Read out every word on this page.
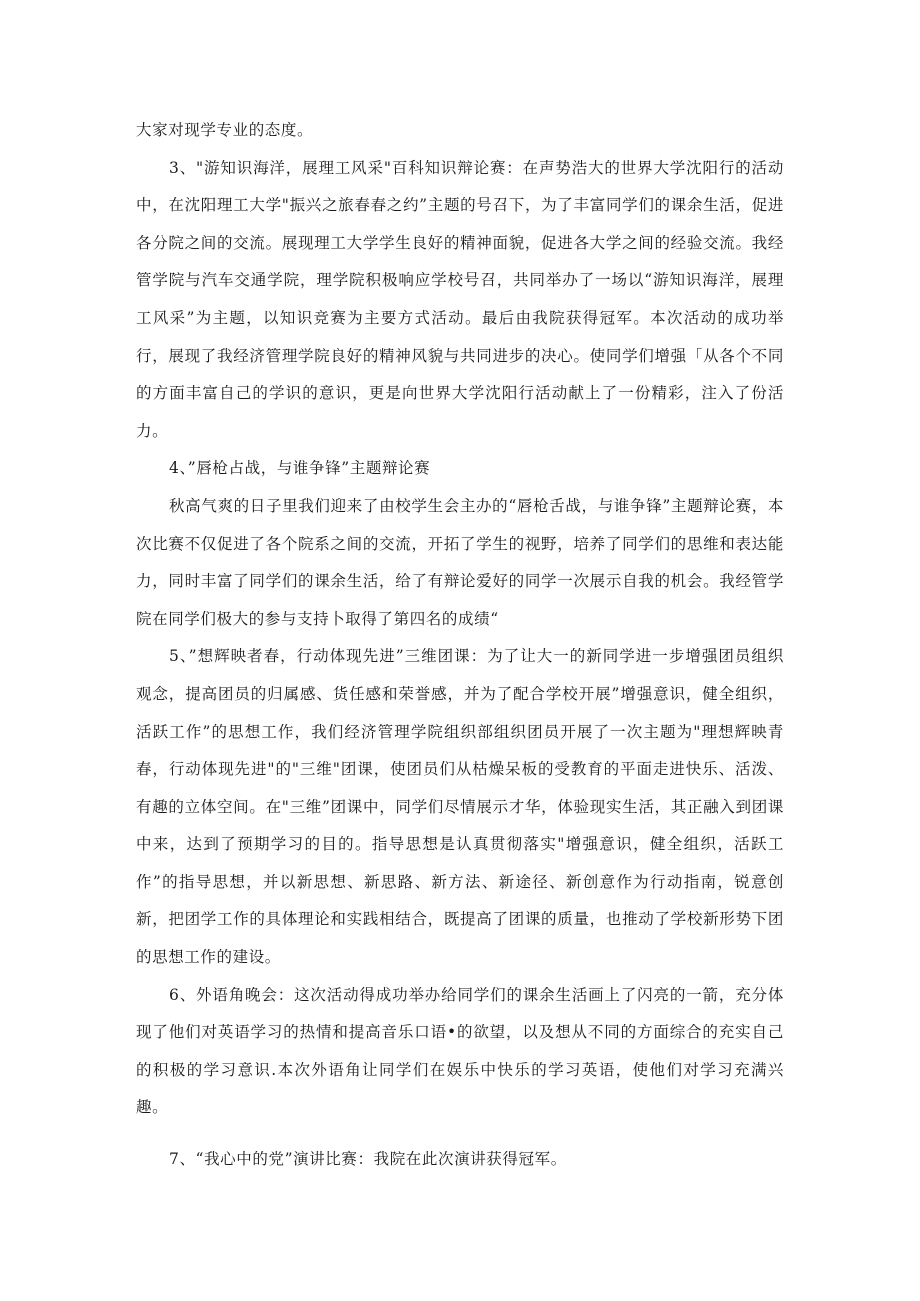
大家对现学专业的态度。

3、"游知识海洋，展理工风采"百科知识辩论赛：在声势浩大的世界大学沈阳行的活动中，在沈阳理工大学"振兴之旅春春之约”主题的号召下，为了丰富同学们的课余生活，促进各分院之间的交流。展现理工大学学生良好的精神面貌，促进各大学之间的经验交流。我经管学院与汽车交通学院，理学院积极响应学校号召，共同举办了一场以“游知识海洋，展理工风采”为主题，以知识竞赛为主要方式活动。最后由我院获得冠军。本次活动的成功举行，展现了我经济管理学院良好的精神风貌与共同进步的决心。使同学们增强「从各个不同的方面丰富自己的学识的意识，更是向世界大学沈阳行活动献上了一份精彩，注入了份活力。

4、”唇枪占战，与谁争锋”主题辩论赛

秋高气爽的日子里我们迎来了由校学生会主办的“唇枪舌战，与谁争锋”主题辩论赛，本次比赛不仅促进了各个院系之间的交流，开拓了学生的视野，培养了同学们的思维和表达能力，同时丰富了同学们的课余生活，给了有辩论爱好的同学一次展示自我的机会。我经管学院在同学们极大的参与支持卜取得了第四名的成绩“

5、”想辉映者春，行动体现先进”三维团课：为了让大一的新同学进一步增强团员组织观念，提高团员的归属感、货任感和荣誉感，并为了配合学校开展”增强意识，健全组织，活跃工作”的思想工作，我们经济管理学院组织部组织团员开展了一次主题为"理想辉映青春，行动体现先进"的"三维"团课，使团员们从枯燥呆板的受教育的平面走进快乐、活泼、有趣的立体空间。在"三维”团课中，同学们尽情展示才华，体验现实生活，其正融入到团课中来，达到了预期学习的目的。指导思想是认真贯彻落实"增强意识，健全组织，活跃工作”的指导思想，并以新思想、新思路、新方法、新途径、新创意作为行动指南，锐意创新，把团学工作的具体理论和实践相结合，既提高了团课的质量，也推动了学校新形势下团的思想工作的建设。

6、外语角晚会：这次活动得成功举办给同学们的课余生活画上了闪亮的一箭，充分体现了他们对英语学习的热情和提高音乐口语•的欲望，以及想从不同的方面综合的充实自己的积极的学习意识.本次外语角让同学们在娱乐中快乐的学习英语，使他们对学习充满兴趣。

7、“我心中的党”演讲比赛：我院在此次演讲获得冠军。
